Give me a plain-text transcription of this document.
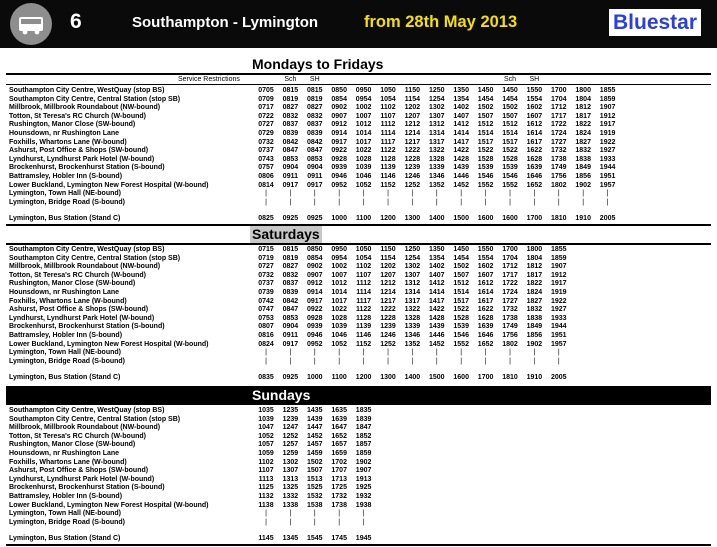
6	Southampton - Lymington	from 28th May 2013	Bluestar
Mondays to Fridays
Service Restrictions	Sch	SH	Sch	SH
Southampton City Centre, WestQuay (stop BS)	0705	0815	0815	0850	0950	1050	1150	1250	1350	1450	1450	1550	1700	1800	1855
Southampton City Centre, Central Station (stop SB)	0709	0819	0819	0854	0954	1054	1154	1254	1354	1454	1454	1554	1704	1804	1859
Millbrook, Millbrook Roundabout (NW-bound)	0717	0827	0827	0902	1002	1102	1202	1302	1402	1502	1502	1602	1712	1812	1907
Totton, St Teresa's RC Church (W-bound)	0722	0832	0832	0907	1007	1107	1207	1307	1407	1507	1507	1607	1717	1817	1912
Rushington, Manor Close (SW-bound)	0727	0837	0837	0912	1012	1112	1212	1312	1412	1512	1512	1612	1722	1822	1917
Hounsdown, nr Rushington Lane	0729	0839	0839	0914	1014	1114	1214	1314	1414	1514	1514	1614	1724	1824	1919
Foxhills, Whartons Lane (W-bound)	0732	0842	0842	0917	1017	1117	1217	1317	1417	1517	1517	1617	1727	1827	1922
Ashurst, Post Office & Shops (SW-bound)	0737	0847	0847	0922	1022	1122	1222	1322	1422	1522	1522	1622	1732	1832	1927
Lyndhurst, Lyndhurst Park Hotel (W-bound)	0743	0853	0853	0928	1028	1128	1228	1328	1428	1528	1528	1628	1738	1838	1933
Brockenhurst, Brockenhurst Station (S-bound)	0757	0904	0904	0939	1039	1139	1239	1339	1439	1539	1539	1639	1749	1849	1944
Battramsley, Hobler Inn (S-bound)	0806	0911	0911	0946	1046	1146	1246	1346	1446	1546	1546	1646	1756	1856	1951
Lower Buckland, Lymington New Forest Hospital (W-bound)	0814	0917	0917	0952	1052	1152	1252	1352	1452	1552	1552	1652	1802	1902	1957
Lymington, Town Hall (NE-bound)	|	|	|	|	|	|	|	|	|	|	|	|	|	|	|
Lymington, Bridge Road (S-bound)	|	|	|	|	|	|	|	|	|	|	|	|	|	|	|
Lymington, Bus Station (Stand C)	0825	0925	0925	1000	1100	1200	1300	1400	1500	1600	1600	1700	1810	1910	2005
Saturdays
Southampton City Centre, WestQuay (stop BS)	0715	0815	0850	0950	1050	1150	1250	1350	1450	1550	1700	1800	1855
Southampton City Centre, Central Station (stop SB)	0719	0819	0854	0954	1054	1154	1254	1354	1454	1554	1704	1804	1859
Millbrook, Millbrook Roundabout (NW-bound)	0727	0827	0902	1002	1102	1202	1302	1402	1502	1602	1712	1812	1907
Totton, St Teresa's RC Church (W-bound)	0732	0832	0907	1007	1107	1207	1307	1407	1507	1607	1717	1817	1912
Rushington, Manor Close (SW-bound)	0737	0837	0912	1012	1112	1212	1312	1412	1512	1612	1722	1822	1917
Hounsdown, nr Rushington Lane	0739	0839	0914	1014	1114	1214	1314	1414	1514	1614	1724	1824	1919
Foxhills, Whartons Lane (W-bound)	0742	0842	0917	1017	1117	1217	1317	1417	1517	1617	1727	1827	1922
Ashurst, Post Office & Shops (SW-bound)	0747	0847	0922	1022	1122	1222	1322	1422	1522	1622	1732	1832	1927
Lyndhurst, Lyndhurst Park Hotel (W-bound)	0753	0853	0928	1028	1128	1228	1328	1428	1528	1628	1738	1838	1933
Brockenhurst, Brockenhurst Station (S-bound)	0807	0904	0939	1039	1139	1239	1339	1439	1539	1639	1749	1849	1944
Battramsley, Hobler Inn (S-bound)	0816	0911	0946	1046	1146	1246	1346	1446	1546	1646	1756	1856	1951
Lower Buckland, Lymington New Forest Hospital (W-bound)	0824	0917	0952	1052	1152	1252	1352	1452	1552	1652	1802	1902	1957
Lymington, Town Hall (NE-bound)	|	|	|	|	|	|	|	|	|	|	|	|	|
Lymington, Bridge Road (S-bound)	|	|	|	|	|	|	|	|	|	|	|	|	|
Lymington, Bus Station (Stand C)	0835	0925	1000	1100	1200	1300	1400	1500	1600	1700	1810	1910	2005
Sundays
Southampton City Centre, WestQuay (stop BS)	1035	1235	1435	1635	1835
Southampton City Centre, Central Station (stop SB)	1039	1239	1439	1639	1839
Millbrook, Millbrook Roundabout (NW-bound)	1047	1247	1447	1647	1847
Totton, St Teresa's RC Church (W-bound)	1052	1252	1452	1652	1852
Rushington, Manor Close (SW-bound)	1057	1257	1457	1657	1857
Hounsdown, nr Rushington Lane	1059	1259	1459	1659	1859
Foxhills, Whartons Lane (W-bound)	1102	1302	1502	1702	1902
Ashurst, Post Office & Shops (SW-bound)	1107	1307	1507	1707	1907
Lyndhurst, Lyndhurst Park Hotel (W-bound)	1113	1313	1513	1713	1913
Brockenhurst, Brockenhurst Station (S-bound)	1125	1325	1525	1725	1925
Battramsley, Hobler Inn (S-bound)	1132	1332	1532	1732	1932
Lower Buckland, Lymington New Forest Hospital (W-bound)	1138	1338	1538	1738	1938
Lymington, Town Hall (NE-bound)	|	|	|	|	|
Lymington, Bridge Road (S-bound)	|	|	|	|	|
Lymington, Bus Station (Stand C)	1145	1345	1545	1745	1945
